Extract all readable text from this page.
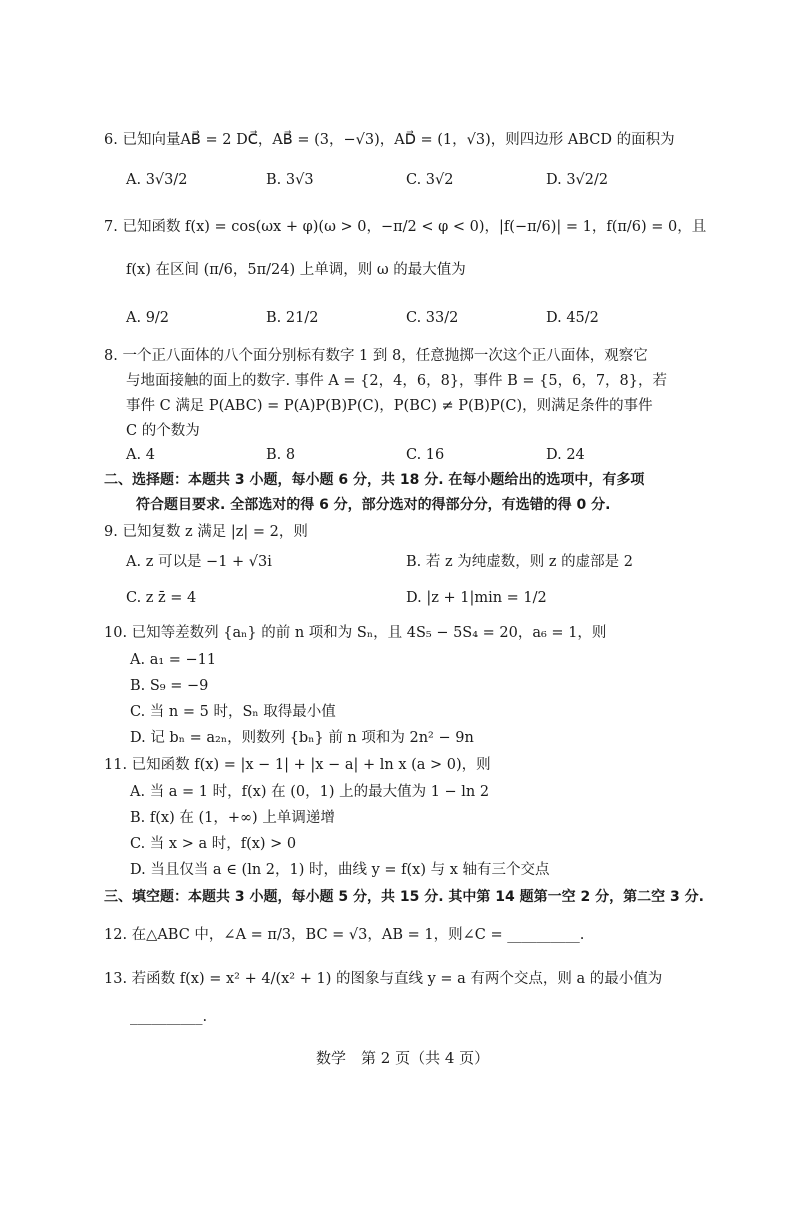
6. 已知向量AB⃗ = 2 DC⃗，AB⃗ = (3，−√3)，AD⃗ = (1，√3)，则四边形 ABCD 的面积为
A. 3√3/2	B. 3√3	C. 3√2	D. 3√2/2
7. 已知函数 f(x) = cos(ωx + φ)(ω > 0，−π/2 < φ < 0)，|f(−π/6)| = 1，f(π/6) = 0，且
f(x) 在区间 (π/6，5π/24) 上单调，则 ω 的最大值为
A. 9/2	B. 21/2	C. 33/2	D. 45/2
8. 一个正八面体的八个面分别标有数字 1 到 8，任意抛掷一次这个正八面体，观察它
与地面接触的面上的数字. 事件 A = {2，4，6，8}，事件 B = {5，6，7，8}，若
事件 C 满足 P(ABC) = P(A)P(B)P(C)，P(BC) ≠ P(B)P(C)，则满足条件的事件
C 的个数为
A. 4	B. 8	C. 16	D. 24
二、选择题：本题共 3 小题，每小题 6 分，共 18 分. 在每小题给出的选项中，有多项
符合题目要求. 全部选对的得 6 分，部分选对的得部分分，有选错的得 0 分.
9. 已知复数 z 满足 |z| = 2，则
A. z 可以是 −1 + √3i	B. 若 z 为纯虚数，则 z 的虚部是 2
C. z z̄ = 4	D. |z + 1|min = 1/2
10. 已知等差数列 {aₙ} 的前 n 项和为 Sₙ，且 4S₅ − 5S₄ = 20，a₆ = 1，则
A. a₁ = −11
B. S₉ = −9
C. 当 n = 5 时，Sₙ 取得最小值
D. 记 bₙ = a₂ₙ，则数列 {bₙ} 前 n 项和为 2n² − 9n
11. 已知函数 f(x) = |x − 1| + |x − a| + ln x (a > 0)，则
A. 当 a = 1 时，f(x) 在 (0，1) 上的最大值为 1 − ln 2
B. f(x) 在 (1，+∞) 上单调递增
C. 当 x > a 时，f(x) > 0
D. 当且仅当 a ∈ (ln 2，1) 时，曲线 y = f(x) 与 x 轴有三个交点
三、填空题：本题共 3 小题，每小题 5 分，共 15 分. 其中第 14 题第一空 2 分，第二空 3 分.
12. 在△ABC 中，∠A = π/3，BC = √3，AB = 1，则∠C = __________.
13. 若函数 f(x) = x² + 4/(x² + 1) 的图象与直线 y = a 有两个交点，则 a 的最小值为
__________.
数学　第 2 页（共 4 页）
